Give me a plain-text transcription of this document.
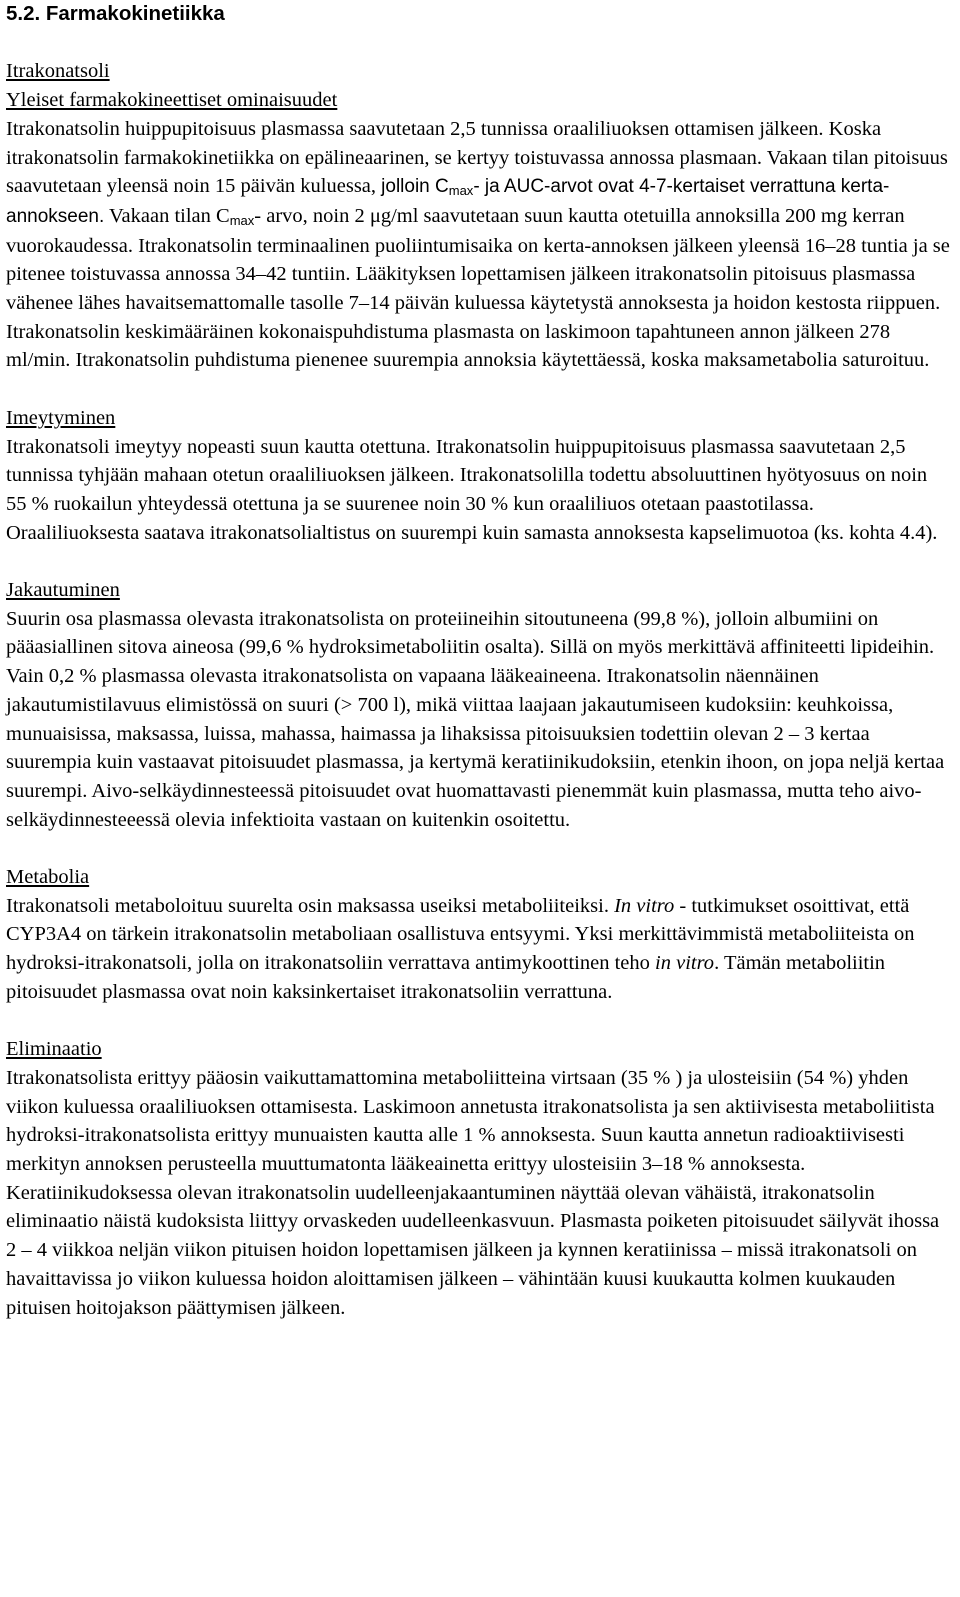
5.2. Farmakokinetiikka

Itrakonatsoli

Yleiset farmakokineettiset ominaisuudet

Itrakonatsolin huippupitoisuus plasmassa saavutetaan 2,5 tunnissa oraaliliuoksen ottamisen jälkeen. Koska itrakonatsolin farmakokinetiikka on epälineaarinen, se kertyy toistuvassa annossa plasmaan. Vakaan tilan pitoisuus saavutetaan yleensä noin 15 päivän kuluessa, jolloin $C_{max}-$ ja AUC-arvot ovat 4-7-kertaiset verrattuna kerta-annokseen. Vakaan tilan $C_{max}-$ arvo, noin 2 μg/ml saavutetaan suun kautta otetuilla annoksilla 200 mg kerran vuorokaudessa. Itrakonatsolin terminaalinen puoliintumisaika on kerta-annoksen jälkeen yleensä 16–28 tuntia ja se pitenee toistuvassa annossa 34–42 tuntiin. Lääkityksen lopettamisen jälkeen itrakonatsolin pitoisuus plasmassa vähenee lähes havaitsemattomalle tasolle 7–14 päivän kuluessa käytetystä annoksesta ja hoidon kestosta riippuen. Itrakonatsolin keskimääräinen kokonaispuhdistuma plasmasta on laskimoon tapahtuneen annon jälkeen 278 ml/min. Itrakonatsolin puhdistuma pienenee suurempia annoksia käytettäessä, koska maksametabolia saturoituu.

Imeytyminen

Itrakonatsoli imeytyy nopeasti suun kautta otettuna. Itrakonatsolin huippupitoisuus plasmassa saavutetaan 2,5 tunnissa tyhjään mahaan otetun oraaliliuoksen jälkeen. Itrakonatsolilla todettu absoluuttinen hyötyosuus on noin 55 % ruokailun yhteydessä otettuna ja se suurenee noin 30 % kun oraaliliuos otetaan paastotilassa. Oraaliliuoksesta saatava itrakonatsolialtistus on suurempi kuin samasta annoksesta kapselimuotoa (ks. kohta 4.4).

Jakautuminen

Suurin osa plasmassa olevasta itrakonatsolista on proteiineihin sitoutuneena (99,8 %), jolloin albumiini on pääasiallinen sitova aineosa (99,6 % hydroksimetaboliitin osalta). Sillä on myös merkittävä affiniteetti lipideihin. Vain 0,2 % plasmassa olevasta itrakonatsolista on vapaana lääkeaineena. Itrakonatsolin näennäinen jakautumistilavuus elimistössä on suuri (> 700 l), mikä viittaa laajaan jakautumiseen kudoksiin: keuhkoissa, munuaisissa, maksassa, luissa, mahassa, haimassa ja lihaksissa pitoisuuksien todettiin olevan 2 – 3 kertaa suurempia kuin vastaavat pitoisuudet plasmassa, ja kertymä keratiinikudoksiin, etenkin ihoon, on jopa neljä kertaa suurempi. Aivo-selkäydinnesteessä pitoisuudet ovat huomattavasti pienemmät kuin plasmassa, mutta teho aivo-selkäydinnesteeessä olevia infektioita vastaan on kuitenkin osoitettu.

Metabolia

Itrakonatsoli metaboloituu suurelta osin maksassa useiksi metaboliiteiksi. In vitro - tutkimukset osoittivat, että CYP3A4 on tärkein itrakonatsolin metaboliaan osallistuva entsyymi. Yksi merkittävimmistä metaboliiteista on hydroksi-itrakonatsoli, jolla on itrakonatsoliin verrattava antimykoottinen teho in vitro. Tämän metaboliitin pitoisuudet plasmassa ovat noin kaksinkertaiset itrakonatsoliin verrattuna.

Eliminaatio

Itrakonatsolista erittyy pääosin vaikuttamattomina metaboliitteina virtsaan (35 % ) ja ulosteisiin (54 %) yhden viikon kuluessa oraaliliuoksen ottamisesta. Laskimoon annetusta itrakonatsolista ja sen aktiivisesta metaboliitista hydroksi-itrakonatsolista erittyy munuaisten kautta alle 1 % annoksesta. Suun kautta annetun radioaktiivisesti merkityn annoksen perusteella muuttumatonta lääkeainetta erittyy ulosteisiin 3–18 % annoksesta. Keratiinikudoksessa olevan itrakonatsolin uudelleenjakaantuminen näyttää olevan vähäistä, itrakonatsolin eliminaatio näistä kudoksista liittyy orvaskeden uudelleenkasvuun. Plasmasta poiketen pitoisuudet säilyvät ihossa 2 – 4 viikkoa neljän viikon pituisen hoidon lopettamisen jälkeen ja kynnen keratiinissa – missä itrakonatsoli on havaittavissa jo viikon kuluessa hoidon aloittamisen jälkeen – vähintään kuusi kuukautta kolmen kuukauden pituisen hoitojakson päättymisen jälkeen.
